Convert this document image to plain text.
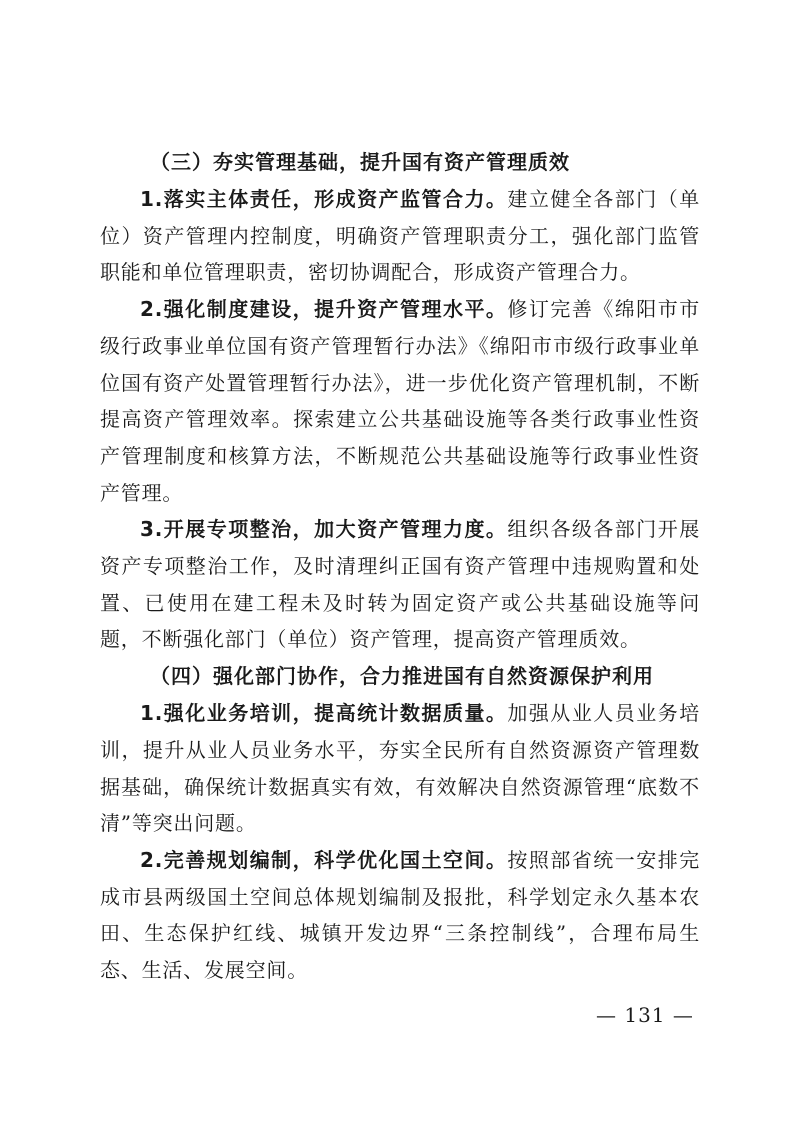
（三）夯实管理基础，提升国有资产管理质效

1.落实主体责任，形成资产监管合力。建立健全各部门（单位）资产管理内控制度，明确资产管理职责分工，强化部门监管职能和单位管理职责，密切协调配合，形成资产管理合力。

2.强化制度建设，提升资产管理水平。修订完善《绵阳市市级行政事业单位国有资产管理暂行办法》《绵阳市市级行政事业单位国有资产处置管理暂行办法》，进一步优化资产管理机制，不断提高资产管理效率。探索建立公共基础设施等各类行政事业性资产管理制度和核算方法，不断规范公共基础设施等行政事业性资产管理。

3.开展专项整治，加大资产管理力度。组织各级各部门开展资产专项整治工作，及时清理纠正国有资产管理中违规购置和处置、已使用在建工程未及时转为固定资产或公共基础设施等问题，不断强化部门（单位）资产管理，提高资产管理质效。

（四）强化部门协作，合力推进国有自然资源保护利用

1.强化业务培训，提高统计数据质量。加强从业人员业务培训，提升从业人员业务水平，夯实全民所有自然资源资产管理数据基础，确保统计数据真实有效，有效解决自然资源管理“底数不清”等突出问题。

2.完善规划编制，科学优化国土空间。按照部省统一安排完成市县两级国土空间总体规划编制及报批，科学划定永久基本农田、生态保护红线、城镇开发边界“三条控制线”，合理布局生态、生活、发展空间。

— 131 —
